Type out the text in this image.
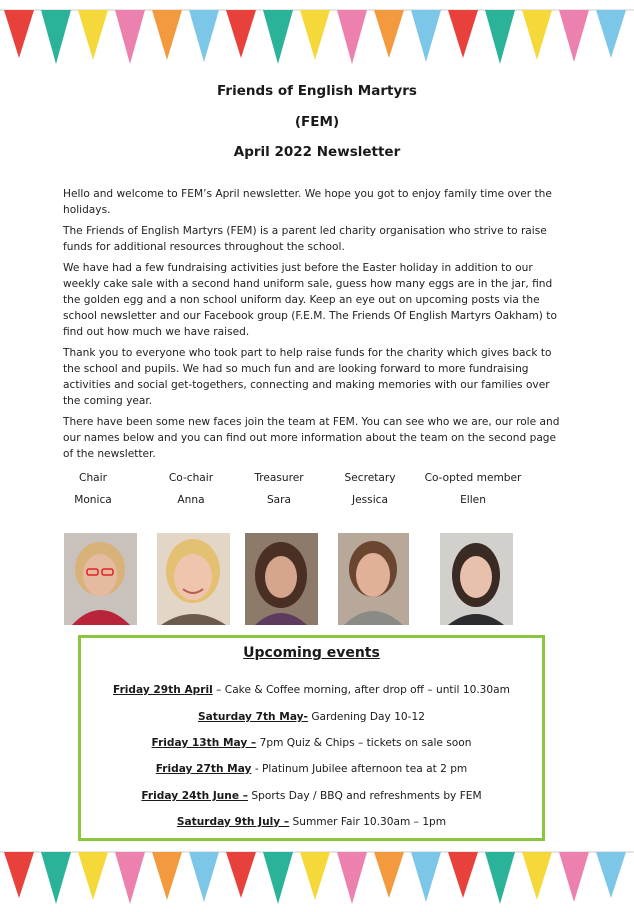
Friends of English Martyrs
(FEM)
April 2022 Newsletter

Hello and welcome to FEM’s April newsletter. We hope you got to enjoy family time over the holidays.

The Friends of English Martyrs (FEM) is a parent led charity organisation who strive to raise funds for additional resources throughout the school.

We have had a few fundraising activities just before the Easter holiday in addition to our weekly cake sale with a second hand uniform sale, guess how many eggs are in the jar, find the golden egg and a non school uniform day. Keep an eye out on upcoming posts via the school newsletter and our Facebook group (F.E.M. The Friends Of English Martyrs Oakham) to find out how much we have raised.

Thank you to everyone who took part to help raise funds for the charity which gives back to the school and pupils. We had so much fun and are looking forward to more fundraising activities and social get-togethers, connecting and making memories with our families over the coming year.

There have been some new faces join the team at FEM. You can see who we are, our role and our names below and you can find out more information about the team on the second page of the newsletter.

Chair
Monica
Co-chair
Anna
Treasurer
Sara
Secretary
Jessica
Co-opted member
Ellen
Upcoming events
Friday 29th April – Cake & Coffee morning, after drop off – until 10.30am
Saturday 7th May- Gardening Day 10-12
Friday 13th May – 7pm Quiz & Chips – tickets on sale soon
Friday 27th May - Platinum Jubilee afternoon tea at 2 pm
Friday 24th June – Sports Day / BBQ and refreshments by FEM
Saturday 9th July – Summer Fair 10.30am – 1pm
